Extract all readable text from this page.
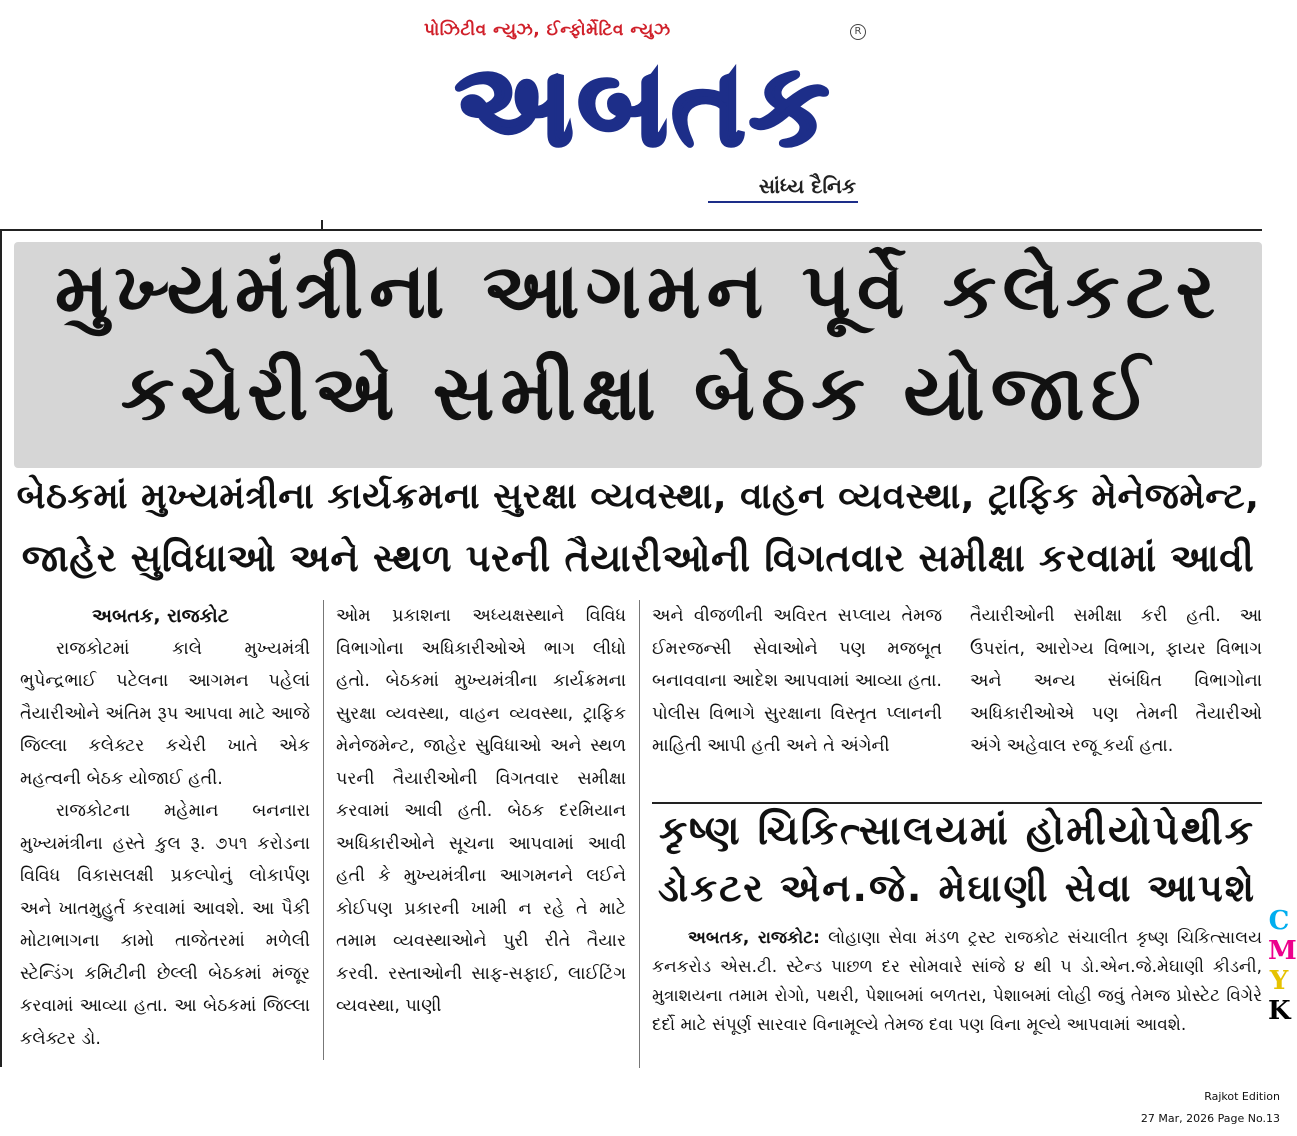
પોઝિટીવ ન્યુઝ, ઈન્ફોર્મેટિવ ન્યુઝ	R
અબતક
સાંધ્ય દૈનિક
મુખ્યમંત્રીના આગમન પૂર્વે કલેકટર
કચેરીએ સમીક્ષા બેઠક યોજાઈ
બેઠકમાં મુખ્યમંત્રીના કાર્યક્રમના સુરક્ષા વ્યવસ્થા, વાહન વ્યવસ્થા, ટ્રાફિક મેનેજમેન્ટ,
જાહેર સુવિધાઓ અને સ્થળ પરની તૈયારીઓની વિગતવાર સમીક્ષા કરવામાં આવી

અબતક, રાજકોટ

રાજકોટમાં કાલે મુખ્યમંત્રી ભુપેન્દ્રભાઈ પટેલના આગમન પહેલાં તૈયારીઓને અંતિમ રૂપ આપવા માટે આજે જિલ્લા કલેક્ટર કચેરી ખાતે એક મહત્વની બેઠક યોજાઈ હતી.

રાજકોટના મહેમાન બનનારા મુખ્યમંત્રીના હસ્તે કુલ રૂ. ૭૫૧ કરોડના વિવિધ વિકાસલક્ષી પ્રકલ્પોનું લોકાર્પણ અને ખાતમુહુર્ત કરવામાં આવશે. આ પૈકી મોટાભાગના કામો તાજેતરમાં મળેલી સ્ટેન્ડિંગ કમિટીની છેલ્લી બેઠકમાં મંજૂર કરવામાં આવ્યા હતા. આ બેઠકમાં જિલ્લા કલેક્ટર ડો.

ઓમ પ્રકાશના અધ્યક્ષસ્થાને વિવિધ વિભાગોના અધિકારીઓએ ભાગ લીધો હતો. બેઠકમાં મુખ્યમંત્રીના કાર્યક્રમના સુરક્ષા વ્યવસ્થા, વાહન વ્યવસ્થા, ટ્રાફિક મેનેજમેન્ટ, જાહેર સુવિધાઓ અને સ્થળ પરની તૈયારીઓની વિગતવાર સમીક્ષા કરવામાં આવી હતી. બેઠક દરમિયાન અધિકારીઓને સૂચના આપવામાં આવી હતી કે મુખ્યમંત્રીના આગમનને લઈને કોઈપણ પ્રકારની ખામી ન રહે તે માટે તમામ વ્યવસ્થાઓને પુરી રીતે તૈયાર કરવી. રસ્તાઓની સાફ-સફાઈ, લાઈટિંગ વ્યવસ્થા, પાણી

અને વીજળીની અવિરત સપ્લાય તેમજ ઈમરજન્સી સેવાઓને પણ મજબૂત બનાવવાના આદેશ આપવામાં આવ્યા હતા. પોલીસ વિભાગે સુરક્ષાના વિસ્તૃત પ્લાનની માહિતી આપી હતી અને તે અંગેની

તૈયારીઓની સમીક્ષા કરી હતી. આ ઉપરાંત, આરોગ્ય વિભાગ, ફાયર વિભાગ અને અન્ય સંબંધિત વિભાગોના અધિકારીઓએ પણ તેમની તૈયારીઓ અંગે અહેવાલ રજૂ કર્યા હતા.

કૃષ્ણ ચિકિત્સાલયમાં હોમીયોપેથીક
ડોકટર એન.જે. મેઘાણી સેવા આપશે
અબતક, રાજકોટ: લોહાણા સેવા મંડળ ટ્રસ્ટ રાજકોટ સંચાલીત કૃષ્ણ ચિકિત્સાલય કનકરોડ એસ.ટી. સ્ટેન્ડ પાછળ દર સોમવારે સાંજે ૪ થી ૫ ડો.એન.જે.મેઘાણી કીડની, મુત્રાશયના તમામ રોગો, પથરી, પેશાબમાં બળતરા, પેશાબમાં લોહી જવું તેમજ પ્રોસ્ટેટ વિગેરે દર્દો માટે સંપૂર્ણ સારવાર વિનામૂલ્યે તેમજ દવા પણ વિના મૂલ્યે આપવામાં આવશે.
C
M
Y
K
Rajkot Edition
27 Mar, 2026 Page No.13
